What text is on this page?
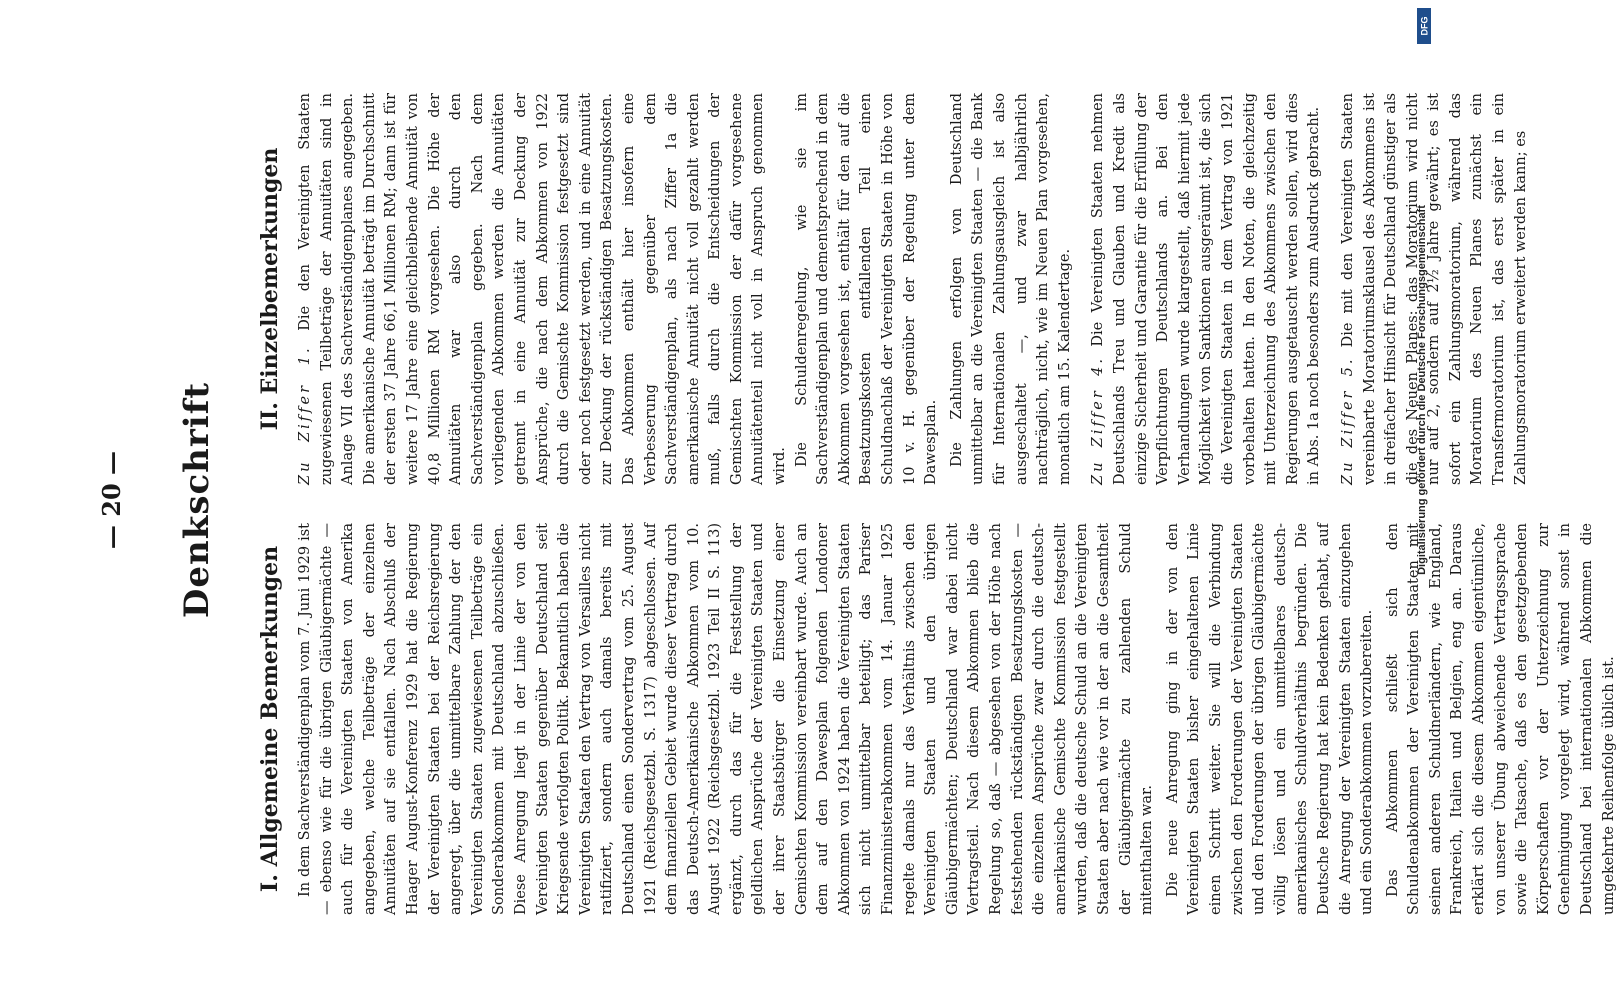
— 20 — Denkschrift
I. Allgemeine Bemerkungen In dem Sachverständigenplan vom 7. Juni 1929 ist — ebenso wie für die übrigen Gläubigermächte — auch für die Vereinigten Staaten von Amerika angegeben, welche Teilbeträge der einzelnen Annuitäten auf sie entfallen. Nach Abschluß der Haager August-Konferenz 1929 hat die Regierung der Vereinigten Staaten bei der Reichsregierung angeregt, über die unmittelbare Zahlung der den Vereinigten Staaten zugewiesenen Teilbeträge ein Sonderabkommen mit Deutschland abzuschließen. Diese Anregung liegt in der Linie der von den Vereinigten Staaten gegenüber Deutschland seit Kriegsende verfolgten Politik. Bekanntlich haben die Vereinigten Staaten den Vertrag von Versailles nicht ratifiziert, sondern auch damals bereits mit Deutschland einen Sondervertrag vom 25. August 1921 (Reichsgesetzbl. S. 1317) abgeschlossen. Auf dem finanziellen Gebiet wurde dieser Vertrag durch das Deutsch-Amerikanische Abkommen vom 10. August 1922 (Reichsgesetzbl. 1923 Teil II S. 113) ergänzt, durch das für die Feststellung der geldlichen Ansprüche der Vereinigten Staaten und der ihrer Staatsbürger die Einsetzung einer Gemischten Kommission vereinbart wurde. Auch an dem auf den Dawesplan folgenden Londoner Abkommen von 1924 haben die Vereinigten Staaten sich nicht unmittelbar beteiligt; das Pariser Finanzministerabkommen vom 14. Januar 1925 regelte damals nur das Verhältnis zwischen den Vereinigten Staaten und den übrigen Gläubigermächten; Deutschland war dabei nicht Vertragsteil. Nach diesem Abkommen blieb die Regelung so, daß — abgesehen von der Höhe nach feststehenden rückständigen Besatzungskosten — die einzelnen Ansprüche zwar durch die deutsch-amerikanische Gemischte Kommission festgestellt wurden, daß die deutsche Schuld an die Vereinigten Staaten aber nach wie vor in der an die Gesamtheit der Gläubigermächte zu zahlenden Schuld mitenthalten war. Die neue Anregung ging in der von den Vereinigten Staaten bisher eingehaltenen Linie einen Schritt weiter. Sie will die Verbindung zwischen den Forderungen der Vereinigten Staaten und den Forderungen der übrigen Gläubigermächte völlig lösen und ein unmittelbares deutsch-amerikanisches Schuldverhältnis begründen. Die Deutsche Regierung hat kein Bedenken gehabt, auf die Anregung der Vereinigten Staaten einzugehen und ein Sonderabkommen vorzubereiten. Das Abkommen schließt sich den Schuldenabkommen der Vereinigten Staaten mit seinen anderen Schuldnerländern, wie England, Frankreich, Italien und Belgien, eng an. Daraus erklärt sich die diesem Abkommen eigentümliche, von unserer Übung abweichende Vertragssprache sowie die Tatsache, daß es den gesetzgebenden Körperschaften vor der Unterzeichnung zur Genehmigung vorgelegt wird, während sonst in Deutschland bei internationalen Abkommen die umgekehrte Reihenfolge üblich ist.

II. Einzelbemerkungen Zu Ziffer 1. Die den Vereinigten Staaten zugewiesenen Teilbeträge der Annuitäten sind in Anlage VII des Sachverständigenplanes angegeben. Die amerikanische Annuität beträgt im Durchschnitt der ersten 37 Jahre 66,1 Millionen RM; dann ist für weitere 17 Jahre eine gleichbleibende Annuität von 40,8 Millionen RM vorgesehen. Die Höhe der Annuitäten war also durch den Sachverständigenplan gegeben. Nach dem vorliegenden Abkommen werden die Annuitäten getrennt in eine Annuität zur Deckung der Ansprüche, die nach dem Abkommen von 1922 durch die Gemischte Kommission festgesetzt sind oder noch festgesetzt werden, und in eine Annuität zur Deckung der rückständigen Besatzungskosten. Das Abkommen enthält hier insofern eine Verbesserung gegenüber dem Sachverständigenplan, als nach Ziffer 1a die amerikanische Annuität nicht voll gezahlt werden muß, falls durch die Entscheidungen der Gemischten Kommission der dafür vorgesehene Annuitätenteil nicht voll in Anspruch genommen wird. Die Schuldenregelung, wie sie im Sachverständigenplan und dementsprechend in dem Abkommen vorgesehen ist, enthält für den auf die Besatzungskosten entfallenden Teil einen Schuldnachlaß der Vereinigten Staaten in Höhe von 10 v. H. gegenüber der Regelung unter dem Dawesplan. Die Zahlungen erfolgen von Deutschland unmittelbar an die Vereinigten Staaten — die Bank für Internationalen Zahlungsausgleich ist also ausgeschaltet —, und zwar halbjährlich nachträglich, nicht, wie im Neuen Plan vorgesehen, monatlich am 15. Kalendertage. Zu Ziffer 4. Die Vereinigten Staaten nehmen Deutschlands Treu und Glauben und Kredit als einzige Sicherheit und Garantie für die Erfüllung der Verpflichtungen Deutschlands an. Bei den Verhandlungen wurde klargestellt, daß hiermit jede Möglichkeit von Sanktionen ausgeräumt ist, die sich die Vereinigten Staaten in dem Vertrag von 1921 vorbehalten hatten. In den Noten, die gleichzeitig mit Unterzeichnung des Abkommens zwischen den Regierungen ausgetauscht werden sollen, wird dies in Abs. 1a noch besonders zum Ausdruck gebracht. Zu Ziffer 5. Die mit den Vereinigten Staaten vereinbarte Moratoriumsklausel des Abkommens ist in dreifacher Hinsicht für Deutschland günstiger als die des Neuen Planes: das Moratorium wird nicht nur auf 2, sondern auf 2½ Jahre gewährt; es ist sofort ein Zahlungsmoratorium, während das Moratorium des Neuen Planes zunächst ein Transfermoratorium ist, das erst später in ein Zahlungsmoratorium erweitert werden kann; es

DFG
Digitalisierung gefördert durch die Deutsche Forschungsgemeinschaft
